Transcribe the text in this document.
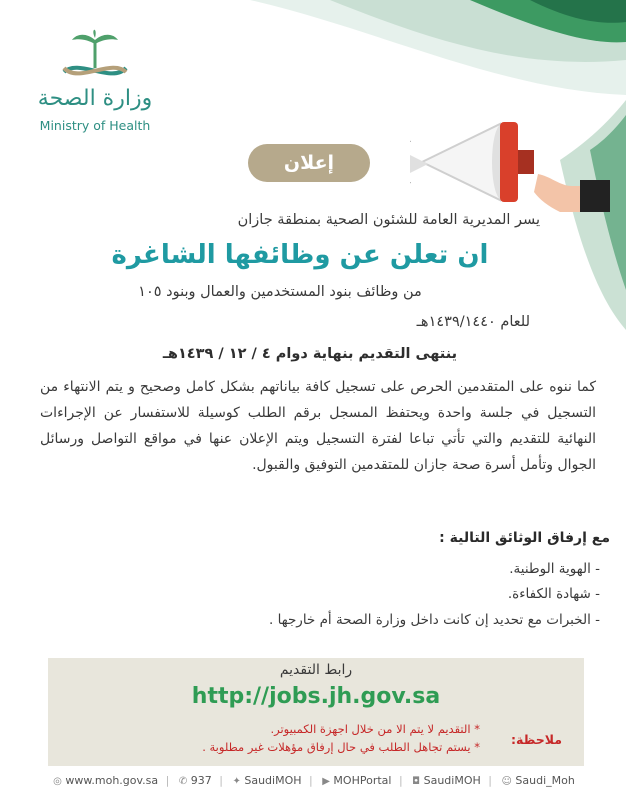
وزارة الصحة
Ministry of Health
إعلان
يسر المديرية العامة للشئون الصحية بمنطقة جازان
ان تعلن عن وظائفها الشاغرة
من وظائف بنود المستخدمين والعمال وبنود ١٠٥
للعام ١٤٣٩/١٤٤٠هـ
ينتهى التقديم بنهاية دوام ٤ / ١٢ / ١٤٣٩هـ
كما ننوه على المتقدمين الحرص على تسجيل كافة بياناتهم بشكل كامل وصحيح و يتم الانتهاء من التسجيل في جلسة واحدة ويحتفظ المسجل برقم الطلب كوسيلة للاستفسار عن الإجراءات النهائية للتقديم والتي تأتي تباعا لفترة التسجيل ويتم الإعلان عنها في مواقع التواصل ورسائل الجوال وتأمل أسرة صحة جازان للمتقدمين التوفيق والقبول.
مع إرفاق الوثائق التالية :
- الهوية الوطنية.
- شهادة الكفاءة.
- الخبرات مع تحديد إن كانت داخل وزارة الصحة أم خارجها .
رابط التقديم
http://jobs.jh.gov.sa
ملاحظة:
* التقديم لا يتم الا من خلال اجهزة الكمبيوتر.
* يستم تجاهل الطلب في حال إرفاق مؤهلات غير مطلوبة .
◎ www.moh.gov.sa | ✆ 937 | ✦ SaudiMOH | ▶ MOHPortal | ◘ SaudiMOH | ☺ Saudi_Moh
